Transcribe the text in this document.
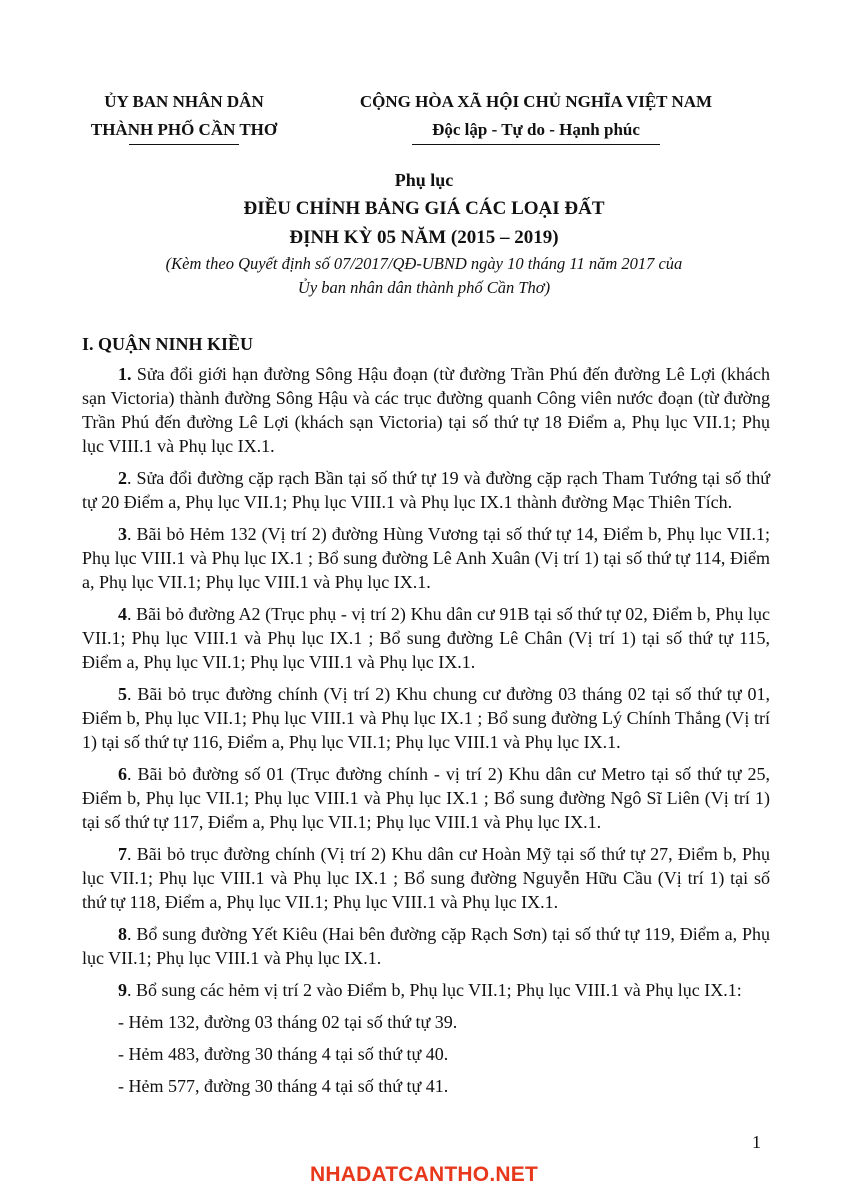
ỦY BAN NHÂN DÂN
THÀNH PHỐ CẦN THƠ
CỘNG HÒA XÃ HỘI CHỦ NGHĨA VIỆT NAM
Độc lập - Tự do - Hạnh phúc
Phụ lục
ĐIỀU CHỈNH BẢNG GIÁ CÁC LOẠI ĐẤT
ĐỊNH KỲ 05 NĂM (2015 – 2019)
(Kèm theo Quyết định số 07/2017/QĐ-UBND ngày 10 tháng 11 năm 2017 của
Ủy ban nhân dân thành phố Cần Thơ)
I. QUẬN NINH KIỀU

1. Sửa đổi giới hạn đường Sông Hậu đoạn (từ đường Trần Phú đến đường Lê Lợi (khách sạn Victoria) thành đường Sông Hậu và các trục đường quanh Công viên nước đoạn (từ đường Trần Phú đến đường Lê Lợi (khách sạn Victoria) tại số thứ tự 18 Điểm a, Phụ lục VII.1; Phụ lục VIII.1 và Phụ lục IX.1.

2. Sửa đổi đường cặp rạch Bần tại số thứ tự 19 và đường cặp rạch Tham Tướng tại số thứ tự 20 Điểm a, Phụ lục VII.1; Phụ lục VIII.1 và Phụ lục IX.1 thành đường Mạc Thiên Tích.

3. Bãi bỏ Hẻm 132 (Vị trí 2) đường Hùng Vương tại số thứ tự 14, Điểm b, Phụ lục VII.1; Phụ lục VIII.1 và Phụ lục IX.1 ; Bổ sung đường Lê Anh Xuân (Vị trí 1) tại số thứ tự 114, Điểm a, Phụ lục VII.1; Phụ lục VIII.1 và Phụ lục IX.1.

4. Bãi bỏ đường A2 (Trục phụ - vị trí 2) Khu dân cư 91B tại số thứ tự 02, Điểm b, Phụ lục VII.1; Phụ lục VIII.1 và Phụ lục IX.1 ; Bổ sung đường Lê Chân (Vị trí 1) tại số thứ tự 115, Điểm a, Phụ lục VII.1; Phụ lục VIII.1 và Phụ lục IX.1.

5. Bãi bỏ trục đường chính (Vị trí 2) Khu chung cư đường 03 tháng 02 tại số thứ tự 01, Điểm b, Phụ lục VII.1; Phụ lục VIII.1 và Phụ lục IX.1 ; Bổ sung đường Lý Chính Thắng (Vị trí 1) tại số thứ tự 116, Điểm a, Phụ lục VII.1; Phụ lục VIII.1 và Phụ lục IX.1.

6. Bãi bỏ đường số 01 (Trục đường chính - vị trí 2) Khu dân cư Metro tại số thứ tự 25, Điểm b, Phụ lục VII.1; Phụ lục VIII.1 và Phụ lục IX.1 ; Bổ sung đường Ngô Sĩ Liên (Vị trí 1) tại số thứ tự 117, Điểm a, Phụ lục VII.1; Phụ lục VIII.1 và Phụ lục IX.1.

7. Bãi bỏ trục đường chính (Vị trí 2) Khu dân cư Hoàn Mỹ tại số thứ tự 27, Điểm b, Phụ lục VII.1; Phụ lục VIII.1 và Phụ lục IX.1 ; Bổ sung đường Nguyễn Hữu Cầu (Vị trí 1) tại số thứ tự 118, Điểm a, Phụ lục VII.1; Phụ lục VIII.1 và Phụ lục IX.1.

8. Bổ sung đường Yết Kiêu (Hai bên đường cặp Rạch Sơn) tại số thứ tự 119, Điểm a, Phụ lục VII.1; Phụ lục VIII.1 và Phụ lục IX.1.

9. Bổ sung các hẻm vị trí 2 vào Điểm b, Phụ lục VII.1; Phụ lục VIII.1 và Phụ lục IX.1:

- Hẻm 132, đường 03 tháng 02 tại số thứ tự 39.
- Hẻm 483, đường 30 tháng 4 tại số thứ tự 40.
- Hẻm 577, đường 30 tháng 4 tại số thứ tự 41.
1
NHADATCANTHO.NET
